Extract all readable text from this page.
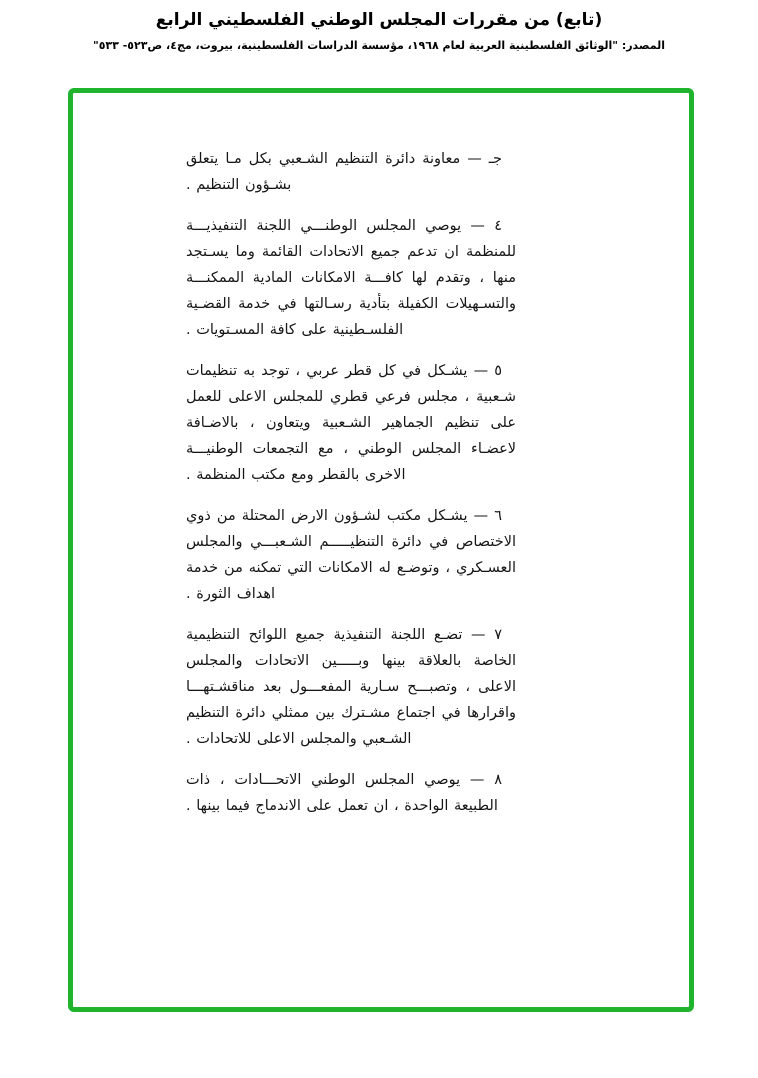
(تابع) من مقررات المجلس الوطني الفلسطيني الرابع
المصدر: "الوثائق الفلسطينية العربية لعام ١٩٦٨، مؤسسة الدراسات الفلسطينية، بيروت، مج٤، ص٥٢٣- ٥٣٣"

جـ — معاونة دائرة التنظيم الشـعبي بكل مـا يتعلق بشـؤون التنظيم .

٤ — يوصي المجلس الوطنـــي اللجنة التنفيذيـــة للمنظمة ان تدعم جميع الاتحادات القائمة وما يسـتجد منها ، وتقدم لها كافـــة الامكانات المادية الممكنـــة والتسـهيلات الكفيلة بتأدية رسـالتها في خدمة القضـية الفلسـطينية على كافة المسـتويات .

٥ — يشـكل في كل قطر عربي ، توجد به تنظيمات شـعبية ، مجلس فرعي قطري للمجلس الاعلى للعمل على تنظيم الجماهير الشـعبية ويتعاون ، بالاضـافة لاعضـاء المجلس الوطني ، مع التجمعات الوطنيـــة الاخرى بالقطر ومع مكتب المنظمة .

٦ — يشـكل مكتب لشـؤون الارض المحتلة من ذوي الاختصاص في دائرة التنظيـــــم الشـعبـــي والمجلس العسـكري ، وتوضـع له الامكانات التي تمكنه من خدمة اهداف الثورة .

٧ — تضـع اللجنة التنفيذية جميع اللوائح التنظيمية الخاصة بالعلاقة بينها وبـــــين الاتحادات والمجلس الاعلى ، وتصبـــح سـارية المفعـــول بعد مناقشـتهـــا واقرارها في اجتماع مشـترك بين ممثلي دائرة التنظيم الشـعبي والمجلس الاعلى للاتحادات .

٨ — يوصي المجلس الوطني الاتحـــادات ، ذات الطبيعة الواحدة ، ان تعمل على الاندماج فيما بينها .
